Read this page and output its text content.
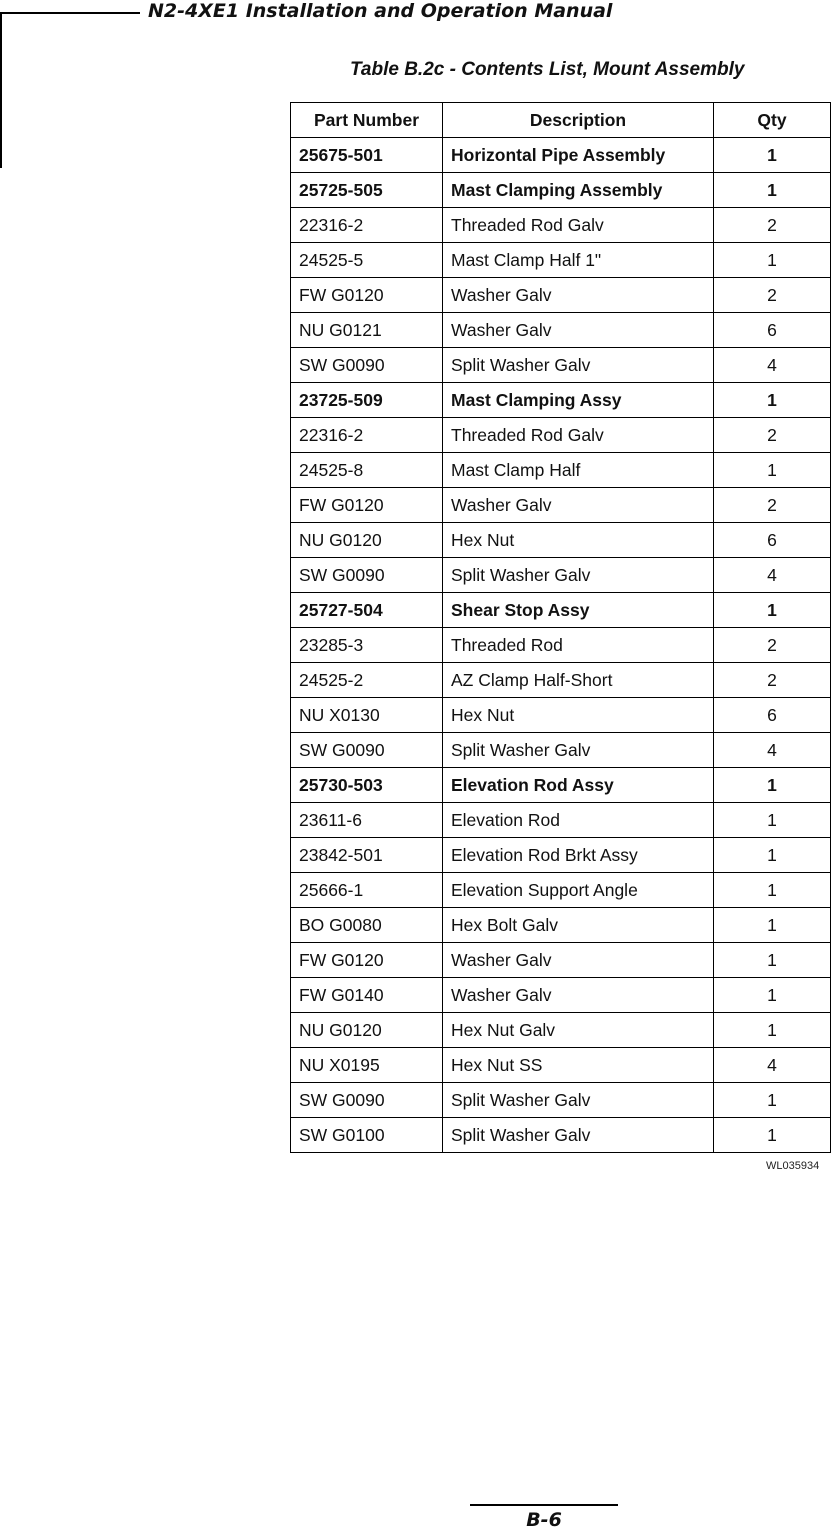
N2-4XE1 Installation and Operation Manual
Table B.2c - Contents List, Mount Assembly
Part Number	Description	Qty
25675-501	Horizontal Pipe Assembly	1
25725-505	Mast Clamping Assembly	1
22316-2	Threaded Rod Galv	2
24525-5	Mast Clamp Half 1"	1
FW G0120	Washer Galv	2
NU G0121	Washer Galv	6
SW G0090	Split Washer Galv	4
23725-509	Mast Clamping Assy	1
22316-2	Threaded Rod Galv	2
24525-8	Mast Clamp Half	1
FW G0120	Washer Galv	2
NU G0120	Hex Nut	6
SW G0090	Split Washer Galv	4
25727-504	Shear Stop Assy	1
23285-3	Threaded Rod	2
24525-2	AZ Clamp Half-Short	2
NU X0130	Hex Nut	6
SW G0090	Split Washer Galv	4
25730-503	Elevation Rod Assy	1
23611-6	Elevation Rod	1
23842-501	Elevation Rod Brkt Assy	1
25666-1	Elevation Support Angle	1
BO G0080	Hex Bolt Galv	1
FW G0120	Washer Galv	1
FW G0140	Washer Galv	1
NU G0120	Hex Nut Galv	1
NU X0195	Hex Nut SS	4
SW G0090	Split Washer Galv	1
SW G0100	Split Washer Galv	1
WL035934
B-6
